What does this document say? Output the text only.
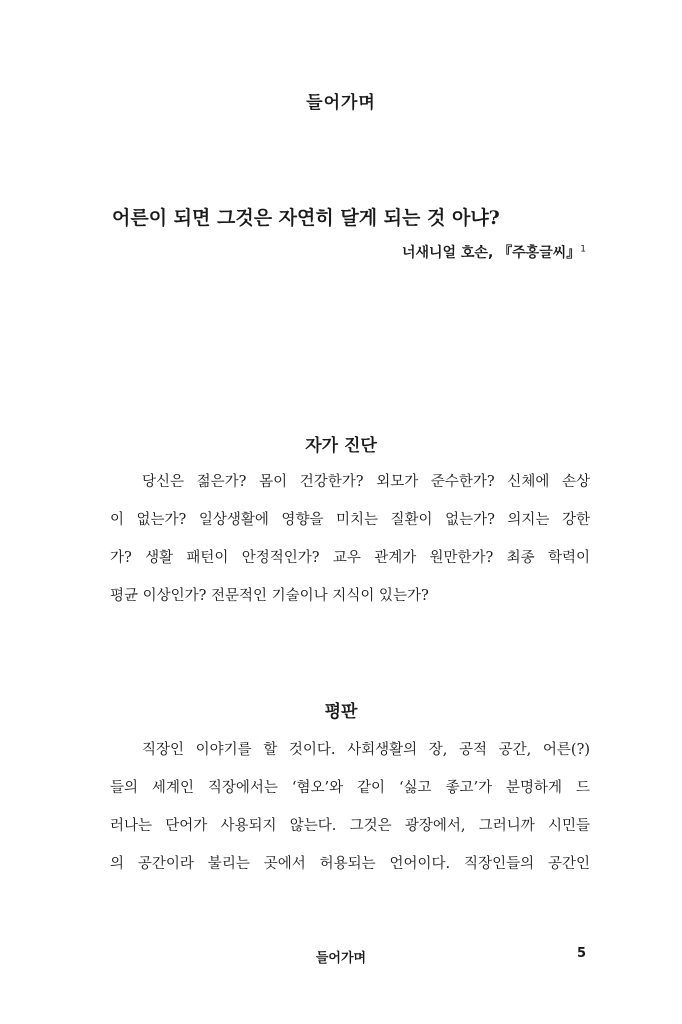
들어가며
어른이 되면 그것은 자연히 달게 되는 것 아냐?
너새니얼 호손, 『주홍글씨』$^1$
자가 진단
당신은 젊은가? 몸이 건강한가? 외모가 준수한가? 신체에 손상
이 없는가? 일상생활에 영향을 미치는 질환이 없는가? 의지는 강한
가? 생활 패턴이 안정적인가? 교우 관계가 원만한가? 최종 학력이
평균 이상인가? 전문적인 기술이나 지식이 있는가?
평판
직장인 이야기를 할 것이다. 사회생활의 장, 공적 공간, 어른(?)
들의 세계인 직장에서는 ‘혐오’와 같이 ‘싫고 좋고’가 분명하게 드
러나는 단어가 사용되지 않는다. 그것은 광장에서, 그러니까 시민들
의 공간이라 불리는 곳에서 허용되는 언어이다. 직장인들의 공간인
들어가며	5
